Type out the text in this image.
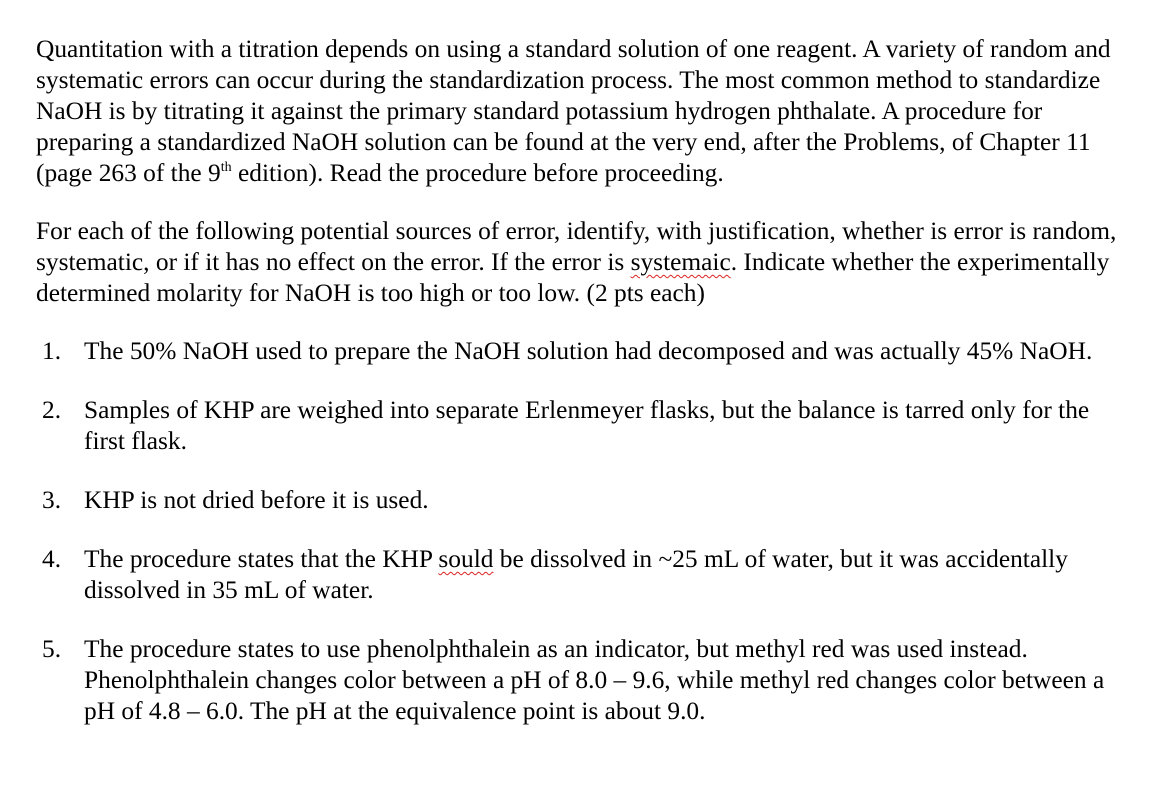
Quantitation with a titration depends on using a standard solution of one reagent. A variety of random and systematic errors can occur during the standardization process. The most common method to standardize NaOH is by titrating it against the primary standard potassium hydrogen phthalate. A procedure for preparing a standardized NaOH solution can be found at the very end, after the Problems, of Chapter 11 (page 263 of the 9th edition). Read the procedure before proceeding.

For each of the following potential sources of error, identify, with justification, whether is error is random, systematic, or if it has no effect on the error. If the error is systemaic. Indicate whether the experimentally determined molarity for NaOH is too high or too low. (2 pts each)

1. The 50% NaOH used to prepare the NaOH solution had decomposed and was actually 45% NaOH.
2. Samples of KHP are weighed into separate Erlenmeyer flasks, but the balance is tarred only for the first flask.
3. KHP is not dried before it is used.
4. The procedure states that the KHP sould be dissolved in ~25 mL of water, but it was accidentally dissolved in 35 mL of water.
5. The procedure states to use phenolphthalein as an indicator, but methyl red was used instead. Phenolphthalein changes color between a pH of 8.0 – 9.6, while methyl red changes color between a pH of 4.8 – 6.0. The pH at the equivalence point is about 9.0.
